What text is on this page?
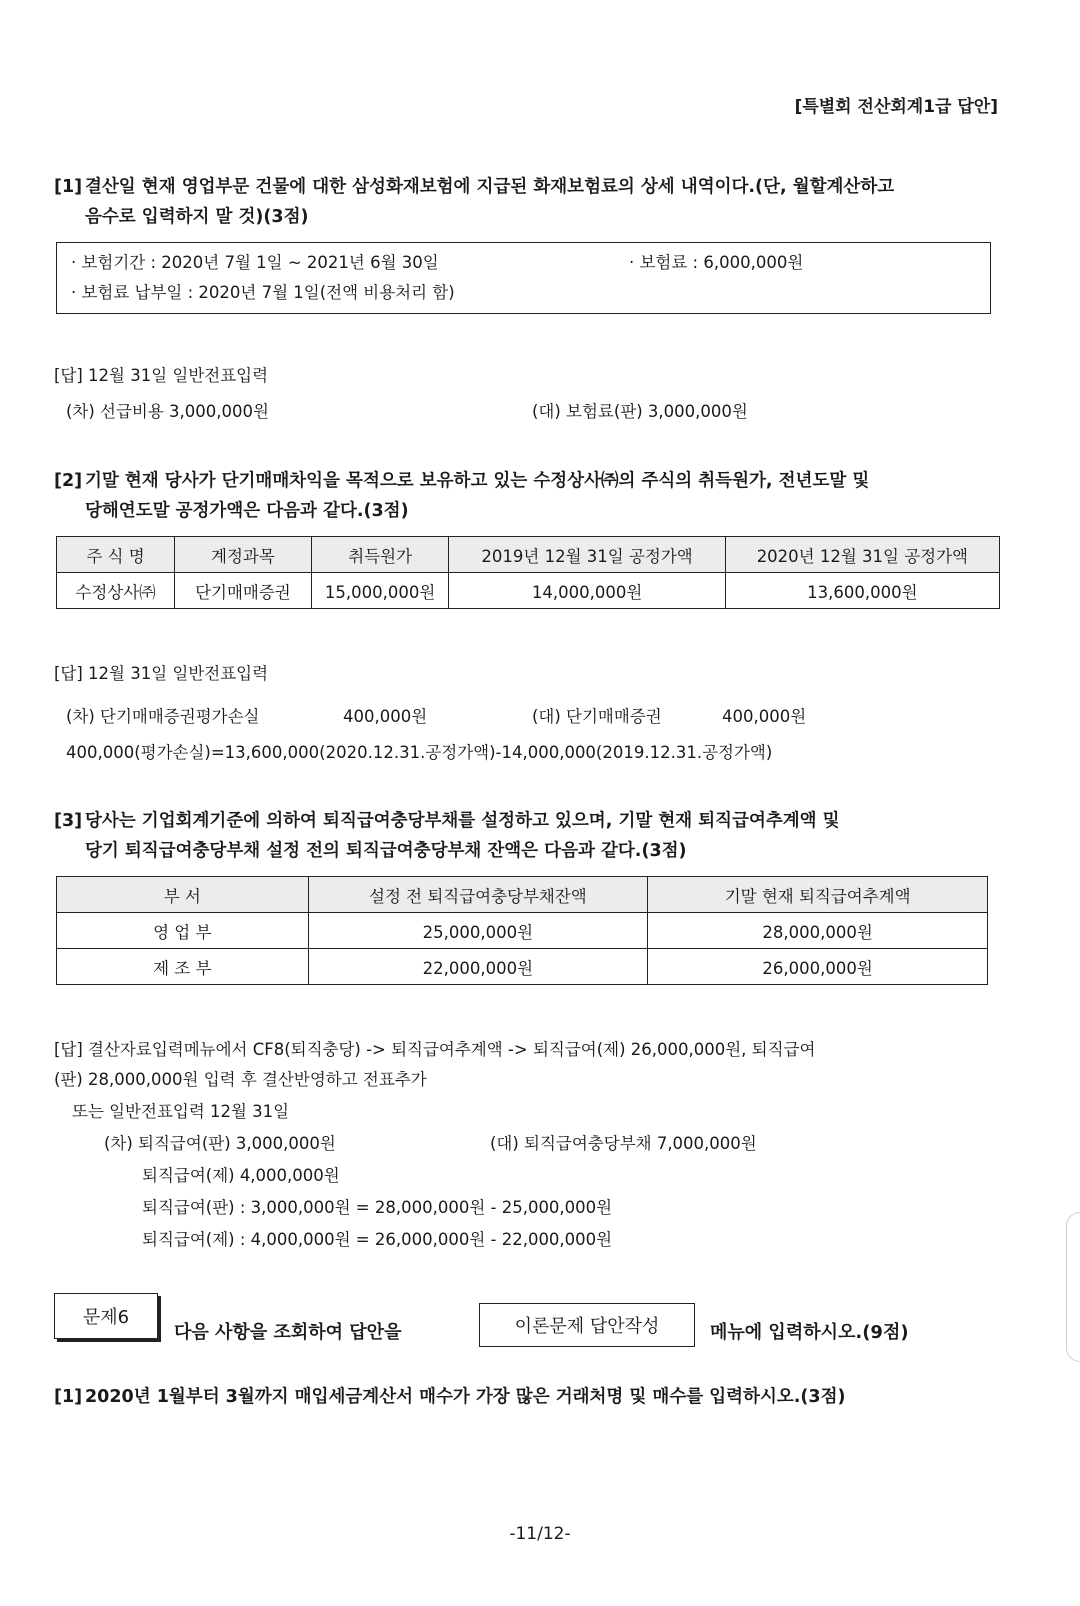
[특별회 전산회계1급 답안]
[1] 결산일 현재 영업부문 건물에 대한 삼성화재보험에 지급된 화재보험료의 상세 내역이다.(단, 월할계산하고
음수로 입력하지 말 것)(3점)
· 보험기간 : 2020년 7월 1일 ~ 2021년 6월 30일	· 보험료 : 6,000,000원
· 보험료 납부일 : 2020년 7월 1일(전액 비용처리 함)
[답] 12월 31일 일반전표입력
(차) 선급비용 3,000,000원	(대) 보험료(판) 3,000,000원
[2] 기말 현재 당사가 단기매매차익을 목적으로 보유하고 있는 수정상사㈜의 주식의 취득원가, 전년도말 및
당해연도말 공정가액은 다음과 같다.(3점)
주 식 명	계정과목	취득원가	2019년 12월 31일 공정가액	2020년 12월 31일 공정가액
수정상사㈜	단기매매증권	15,000,000원	14,000,000원	13,600,000원
[답] 12월 31일 일반전표입력
(차) 단기매매증권평가손실	400,000원	(대) 단기매매증권	400,000원
400,000(평가손실)=13,600,000(2020.12.31.공정가액)-14,000,000(2019.12.31.공정가액)
[3] 당사는 기업회계기준에 의하여 퇴직급여충당부채를 설정하고 있으며, 기말 현재 퇴직급여추계액 및
당기 퇴직급여충당부채 설정 전의 퇴직급여충당부채 잔액은 다음과 같다.(3점)
부 서	설정 전 퇴직급여충당부채잔액	기말 현재 퇴직급여추계액
영 업 부	25,000,000원	28,000,000원
제 조 부	22,000,000원	26,000,000원
[답] 결산자료입력메뉴에서 CF8(퇴직충당) -> 퇴직급여추계액 -> 퇴직급여(제) 26,000,000원, 퇴직급여
(판) 28,000,000원 입력 후 결산반영하고 전표추가
또는 일반전표입력 12월 31일
(차) 퇴직급여(판) 3,000,000원	(대) 퇴직급여충당부채 7,000,000원
퇴직급여(제) 4,000,000원
퇴직급여(판) : 3,000,000원 = 28,000,000원 - 25,000,000원
퇴직급여(제) : 4,000,000원 = 26,000,000원 - 22,000,000원
문제6
다음 사항을 조회하여 답안을	이론문제 답안작성	메뉴에 입력하시오.(9점)
[1] 2020년 1월부터 3월까지 매입세금계산서 매수가 가장 많은 거래처명 및 매수를 입력하시오.(3점)
-11/12-
